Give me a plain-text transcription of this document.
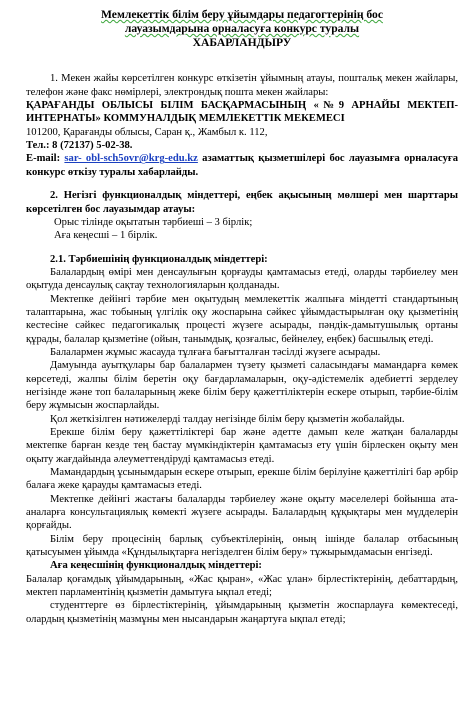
Мемлекеттік білім беру ұйымдары педагогтерінің бос
лауазымдарына орналасуға конкурс туралы
ХАБАРЛАНДЫРУ

1. Мекен жайы көрсетілген конкурс өткізетін ұйымның атауы, поштальқ мекен жайлары, телефон және факс нөмірлері, электрондық пошта мекен жайлары:

ҚАРАҒАНДЫ ОБЛЫСЫ БІЛІМ БАСҚАРМАСЫНЫҢ «№9 АРНАЙЫ МЕКТЕП-ИНТЕРНАТЫ» КОММУНАЛДЫҚ МЕМЛЕКЕТТІК МЕКЕМЕСІ

101200, Қарағанды облысы, Саран қ., Жамбыл к. 112,

Тел.: 8 (72137) 5-02-38.

E-mail: sar- obl-sch5ovr@krg-edu.kz азаматтық қызметшілері бос лауазымға орналасуға конкурс өткізу туралы хабарлайды.

2. Негізгі функционалдық міндеттері, еңбек ақысының мөлшері мен шарттары көрсетілген бос лауазымдар атауы:

Орыс тілінде оқытатын тәрбиеші – 3 бірлік;

Аға кеңесші – 1 бірлік.

2.1. Тәрбиешінің функционалдық міндеттері:

Балалардың өмірі мен денсаулығын қорғауды қамтамасыз етеді, оларды тәрбиелеу мен оқытуда денсаулық сақтау технологияларын қолданады.

Мектепке дейінгі тәрбие мен оқытудың мемлекеттік жалпыға міндетті стандартының талаптарына, жас тобының үлгілік оқу жоспарына сәйкес ұйымдастырылған оқу қызметінің кестесіне сәйкес педагогикалық процесті жүзеге асырады, пәндік-дамытушылық ортаны құрады, балалар қызметіне (ойын, танымдық, қозғалыс, бейнелеу, еңбек) басшылық етеді.

Балалармен жұмыс жасауда тұлғаға бағытталған тәсілді жүзеге асырады.

Дамуында ауытқулары бар балалармен түзету қызметі саласындағы мамандарға көмек көрсетеді, жалпы білім беретін оқу бағдарламаларын, оқу-әдістемелік әдебиетті зерделеу негізінде және топ балаларының жеке білім беру қажеттіліктерін ескере отырып, тәрбие-білім беру жұмысын жоспарлайды.

Қол жеткізілген нәтижелерді талдау негізінде білім беру қызметін жобалайды.

Ерекше білім беру қажеттіліктері бар және әдетте дамып келе жатқан балаларды мектепке барған кезде тең бастау мүмкіндіктерін қамтамасыз ету үшін бірлескен оқыту мен оқыту жағдайында әлеуметтендіруді қамтамасыз етеді.

Мамандардың ұсынымдарын ескере отырып, ерекше білім берілуіне қажеттілігі бар әрбір балаға жеке қарауды қамтамасыз етеді.

Мектепке дейінгі жастағы балаларды тәрбиелеу және оқыту мәселелері бойынша ата-аналарға консультациялық көмекті жүзеге асырады. Балалардың құқықтары мен мүдделерін қорғайды.

Білім беру процесінің барлық субъектілерінің, оның ішінде балалар отбасының қатысуымен ұйымда «Құндылықтарға негізделген білім беру» тұжырымдамасын енгізеді.

Аға кеңесшінің функционалдық міндеттері:

Балалар қоғамдық ұйымдарының, «Жас қыран», «Жас ұлан» бірлестіктерінің, дебаттардың, мектеп парламентінің қызметін дамытуға ықпал етеді;

студенттерге өз бірлестіктерінің, ұйымдарының қызметін жоспарлауға көмектеседі, олардың қызметінің мазмұны мен нысандарын жаңартуға ықпал етеді;
